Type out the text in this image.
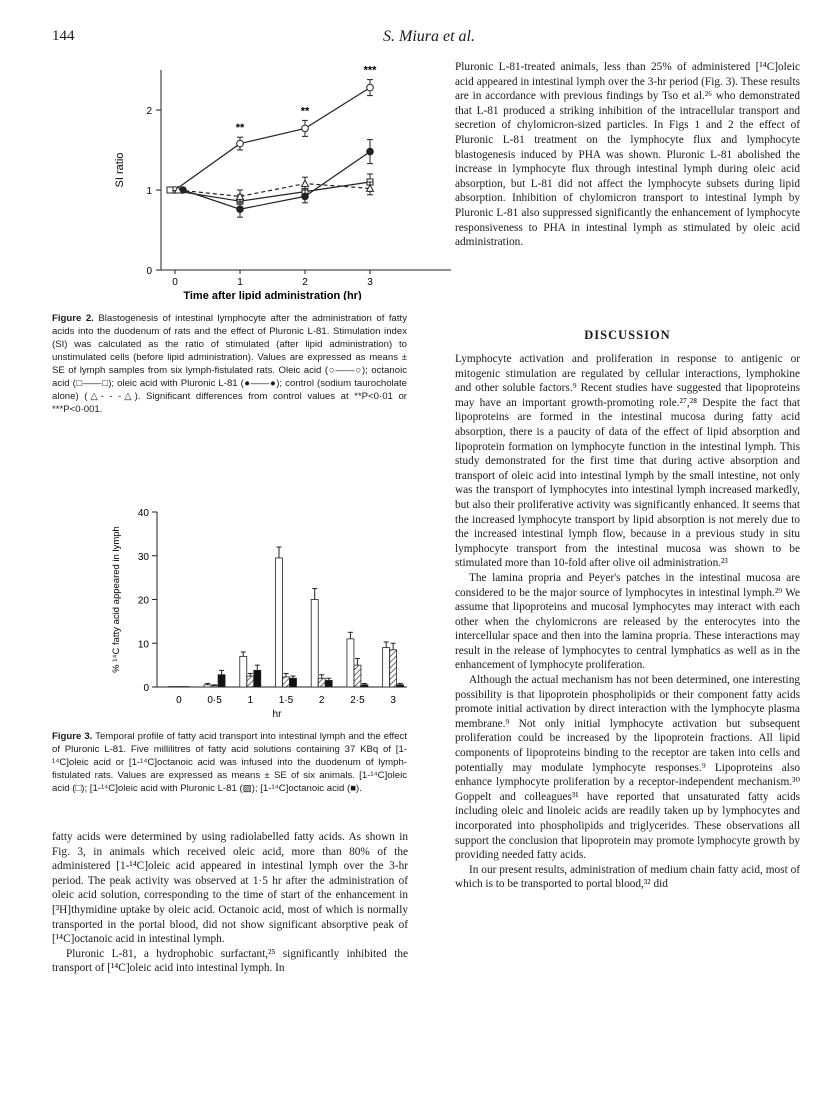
144	S. Miura et al.
0
1
2
0	1	2	3
Time after lipid administration (hr)
SI ratio
**
**
***
Figure 2. Blastogenesis of intestinal lymphocyte after the administration of fatty acids into the duodenum of rats and the effect of Pluronic L-81. Stimulation index (SI) was calculated as the ratio of stimulated (after lipid administration) to unstimulated cells (before lipid administration). Values are expressed as means ± SE of lymph samples from six lymph-fistulated rats. Oleic acid (○——○); octanoic acid (□——□); oleic acid with Pluronic L-81 (●——●); control (sodium taurocholate alone) (△- - -△). Significant differences from control values at **P<0·01 or ***P<0·001.
0
10
20
30
40
% ¹⁴C fatty acid appeared in lymph
0	0·5	1	1·5	2	2·5	3
hr
Figure 3. Temporal profile of fatty acid transport into intestinal lymph and the effect of Pluronic L-81. Five millilitres of fatty acid solutions containing 37 KBq of [1-¹⁴C]oleic acid or [1-¹⁴C]octanoic acid was infused into the duodenum of lymph-fistulated rats. Values are expressed as means ± SE of six animals. [1-¹⁴C]oleic acid (□); [1-¹⁴C]oleic acid with Pluronic L-81 (▨); [1-¹⁴C]octanoic acid (■).

fatty acids were determined by using radiolabelled fatty acids. As shown in Fig. 3, in animals which received oleic acid, more than 80% of the administered [1-¹⁴C]oleic acid appeared in intestinal lymph over the 3-hr period. The peak activity was observed at 1·5 hr after the administration of oleic acid solution, corresponding to the time of start of the enhancement in [³H]thymidine uptake by oleic acid. Octanoic acid, most of which is normally transported in the portal blood, did not show significant absorptive peak of [¹⁴C]octanoic acid in intestinal lymph.

Pluronic L-81, a hydrophobic surfactant,²⁵ significantly inhibited the transport of [¹⁴C]oleic acid into intestinal lymph. In

Pluronic L-81-treated animals, less than 25% of administered [¹⁴C]oleic acid appeared in intestinal lymph over the 3-hr period (Fig. 3). These results are in accordance with previous findings by Tso et al.²⁶ who demonstrated that L-81 produced a striking inhibition of the intracellular transport and secretion of chylomicron-sized particles. In Figs 1 and 2 the effect of Pluronic L-81 treatment on the lymphocyte flux and lymphocyte blastogenesis induced by PHA was shown. Pluronic L-81 abolished the increase in lymphocyte flux through intestinal lymph during oleic acid absorption, but L-81 did not affect the lymphocyte subsets during lipid absorption. Inhibition of chylomicron transport to intestinal lymph by Pluronic L-81 also suppressed significantly the enhancement of lymphocyte responsiveness to PHA in intestinal lymph as stimulated by oleic acid administration.

DISCUSSION

Lymphocyte activation and proliferation in response to antigenic or mitogenic stimulation are regulated by cellular interactions, lymphokine and other soluble factors.⁹ Recent studies have suggested that lipoproteins may have an important growth-promoting role.²⁷,²⁸ Despite the fact that lipoproteins are formed in the intestinal mucosa during fatty acid absorption, there is a paucity of data of the effect of lipid absorption and lipoprotein formation on lymphocyte function in the intestinal lymph. This study demonstrated for the first time that during active absorption and transport of oleic acid into intestinal lymph by the small intestine, not only was the transport of lymphocytes into intestinal lymph increased markedly, but also their proliferative activity was significantly enhanced. It seems that the increased lymphocyte transport by lipid absorption is not merely due to the increased intestinal lymph flow, because in a previous study in situ lymphocyte transport from the intestinal mucosa was shown to be stimulated more than 10-fold after olive oil administration.²³

The lamina propria and Peyer's patches in the intestinal mucosa are considered to be the major source of lymphocytes in intestinal lymph.²⁹ We assume that lipoproteins and mucosal lymphocytes may interact with each other when the chylomicrons are released by the enterocytes into the intercellular space and then into the lamina propria. These interactions may result in the release of lymphocytes to central lymphatics as well as in the enhancement of lymphocyte proliferation.

Although the actual mechanism has not been determined, one interesting possibility is that lipoprotein phospholipids or their component fatty acids promote initial activation by direct interaction with the lymphocyte plasma membrane.⁹ Not only initial lymphocyte activation but subsequent proliferation could be increased by the lipoprotein fractions. All lipid components of lipoproteins binding to the receptor are taken into cells and potentially may modulate lymphocyte responses.⁹ Lipoproteins also enhance lymphocyte proliferation by a receptor-independent mechanism.³⁰ Goppelt and colleagues³¹ have reported that unsaturated fatty acids including oleic and linoleic acids are readily taken up by lymphocytes and incorporated into phospholipids and triglycerides. These observations all support the conclusion that lipoprotein may promote lymphocyte growth by providing needed fatty acids.

In our present results, administration of medium chain fatty acid, most of which is to be transported to portal blood,³² did
